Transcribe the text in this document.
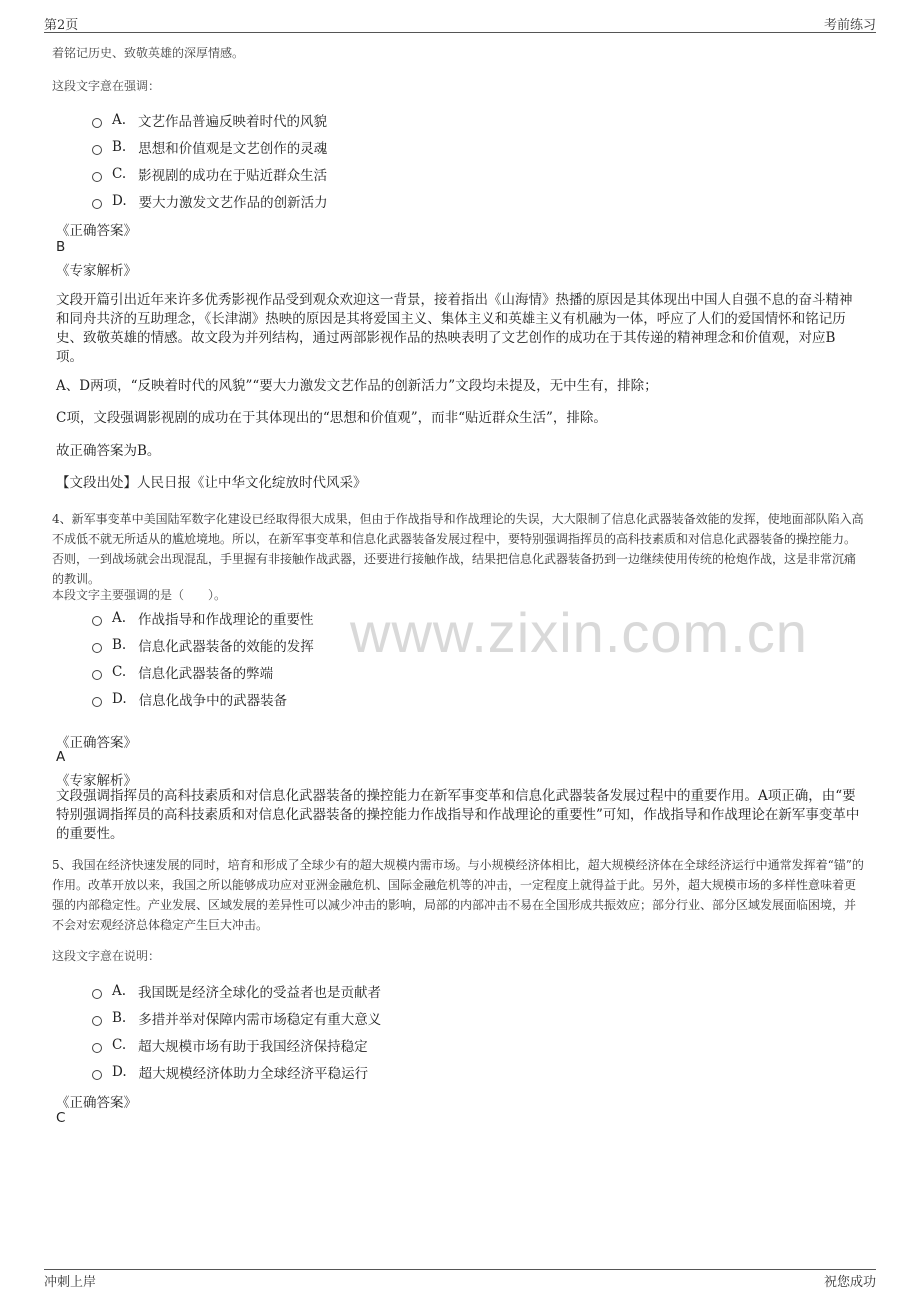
第2页	考前练习
www.zixin.com.cn
着铭记历史、致敬英雄的深厚情感。
这段文字意在强调：
A. 文艺作品普遍反映着时代的风貌
B. 思想和价值观是文艺创作的灵魂
C. 影视剧的成功在于贴近群众生活
D. 要大力激发文艺作品的创新活力
《正确答案》
B
《专家解析》
文段开篇引出近年来许多优秀影视作品受到观众欢迎这一背景，接着指出《山海情》热播的原因是其体现出中国人自强不息的奋斗精神和同舟共济的互助理念，《长津湖》热映的原因是其将爱国主义、集体主义和英雄主义有机融为一体，呼应了人们的爱国情怀和铭记历史、致敬英雄的情感。故文段为并列结构，通过两部影视作品的热映表明了文艺创作的成功在于其传递的精神理念和价值观，对应B项。
A、D两项，“反映着时代的风貌”“要大力激发文艺作品的创新活力”文段均未提及，无中生有，排除；
C项，文段强调影视剧的成功在于其体现出的“思想和价值观”，而非“贴近群众生活”，排除。
故正确答案为B。
【文段出处】人民日报《让中华文化绽放时代风采》
4、新军事变革中美国陆军数字化建设已经取得很大成果，但由于作战指导和作战理论的失误，大大限制了信息化武器装备效能的发挥，使地面部队陷入高不成低不就无所适从的尴尬境地。所以，在新军事变革和信息化武器装备发展过程中，要特别强调指挥员的高科技素质和对信息化武器装备的操控能力。否则，一到战场就会出现混乱，手里握有非接触作战武器，还要进行接触作战，结果把信息化武器装备扔到一边继续使用传统的枪炮作战，这是非常沉痛的教训。
本段文字主要强调的是（　　）。
A. 作战指导和作战理论的重要性
B. 信息化武器装备的效能的发挥
C. 信息化武器装备的弊端
D. 信息化战争中的武器装备
《正确答案》
A
《专家解析》
文段强调指挥员的高科技素质和对信息化武器装备的操控能力在新军事变革和信息化武器装备发展过程中的重要作用。A项正确，由“要特别强调指挥员的高科技素质和对信息化武器装备的操控能力作战指导和作战理论的重要性”可知，作战指导和作战理论在新军事变革中的重要性。
5、我国在经济快速发展的同时，培育和形成了全球少有的超大规模内需市场。与小规模经济体相比，超大规模经济体在全球经济运行中通常发挥着“锚”的作用。改革开放以来，我国之所以能够成功应对亚洲金融危机、国际金融危机等的冲击，一定程度上就得益于此。另外，超大规模市场的多样性意味着更强的内部稳定性。产业发展、区域发展的差异性可以减少冲击的影响，局部的内部冲击不易在全国形成共振效应；部分行业、部分区域发展面临困境，并不会对宏观经济总体稳定产生巨大冲击。
这段文字意在说明：
A. 我国既是经济全球化的受益者也是贡献者
B. 多措并举对保障内需市场稳定有重大意义
C. 超大规模市场有助于我国经济保持稳定
D. 超大规模经济体助力全球经济平稳运行
《正确答案》
C
冲刺上岸	祝您成功
